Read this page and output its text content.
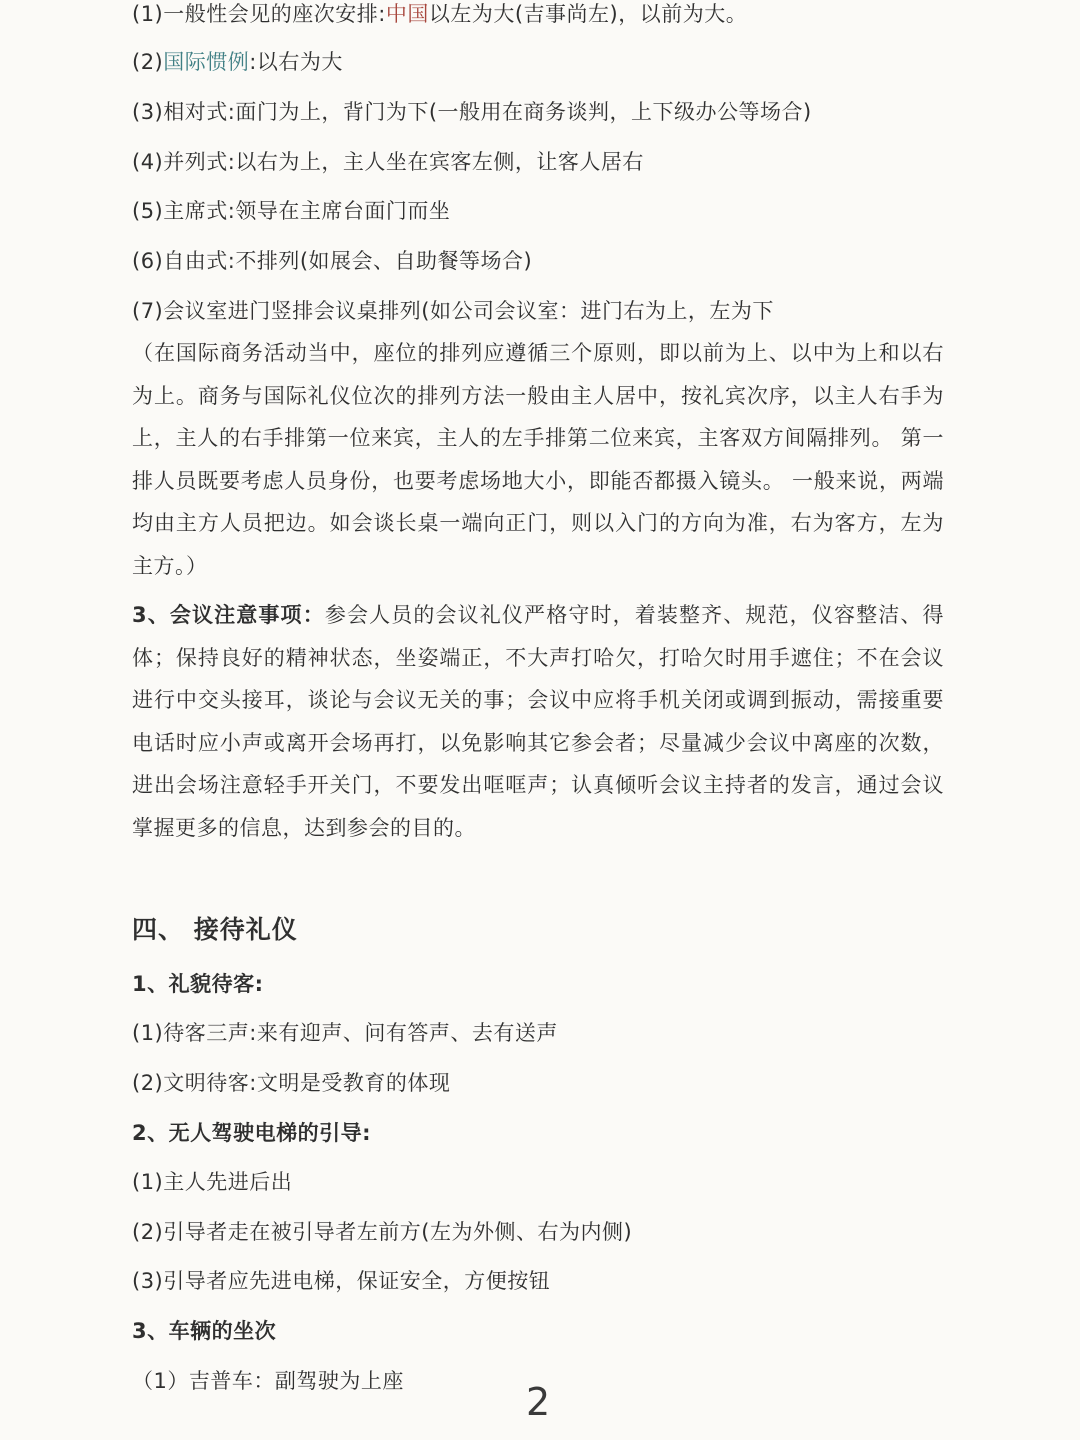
(1)一般性会见的座次安排:中国以左为大(吉事尚左)，以前为大。
(2)国际惯例:以右为大
(3)相对式:面门为上，背门为下(一般用在商务谈判，上下级办公等场合)
(4)并列式:以右为上，主人坐在宾客左侧，让客人居右
(5)主席式:领导在主席台面门而坐
(6)自由式:不排列(如展会、自助餐等场合)
(7)会议室进门竖排会议桌排列(如公司会议室：进门右为上，左为下
（在国际商务活动当中，座位的排列应遵循三个原则，即以前为上、以中为上和以右为上。商务与国际礼仪位次的排列方法一般由主人居中，按礼宾次序，以主人右手为上，主人的右手排第一位来宾，主人的左手排第二位来宾，主客双方间隔排列。 第一排人员既要考虑人员身份，也要考虑场地大小，即能否都摄入镜头。 一般来说，两端均由主方人员把边。如会谈长桌一端向正门，则以入门的方向为准，右为客方，左为主方。）
3、会议注意事项：参会人员的会议礼仪严格守时，着装整齐、规范，仪容整洁、得体；保持良好的精神状态，坐姿端正，不大声打哈欠，打哈欠时用手遮住；不在会议进行中交头接耳，谈论与会议无关的事；会议中应将手机关闭或调到振动，需接重要电话时应小声或离开会场再打，以免影响其它参会者；尽量减少会议中离座的次数，进出会场注意轻手开关门，不要发出哐哐声；认真倾听会议主持者的发言，通过会议掌握更多的信息，达到参会的目的。
四、 接待礼仪
1、礼貌待客:
(1)待客三声:来有迎声、问有答声、去有送声
(2)文明待客:文明是受教育的体现
2、无人驾驶电梯的引导:
(1)主人先进后出
(2)引导者走在被引导者左前方(左为外侧、右为内侧)
(3)引导者应先进电梯，保证安全，方便按钮
3、车辆的坐次
（1）吉普车：副驾驶为上座	2
